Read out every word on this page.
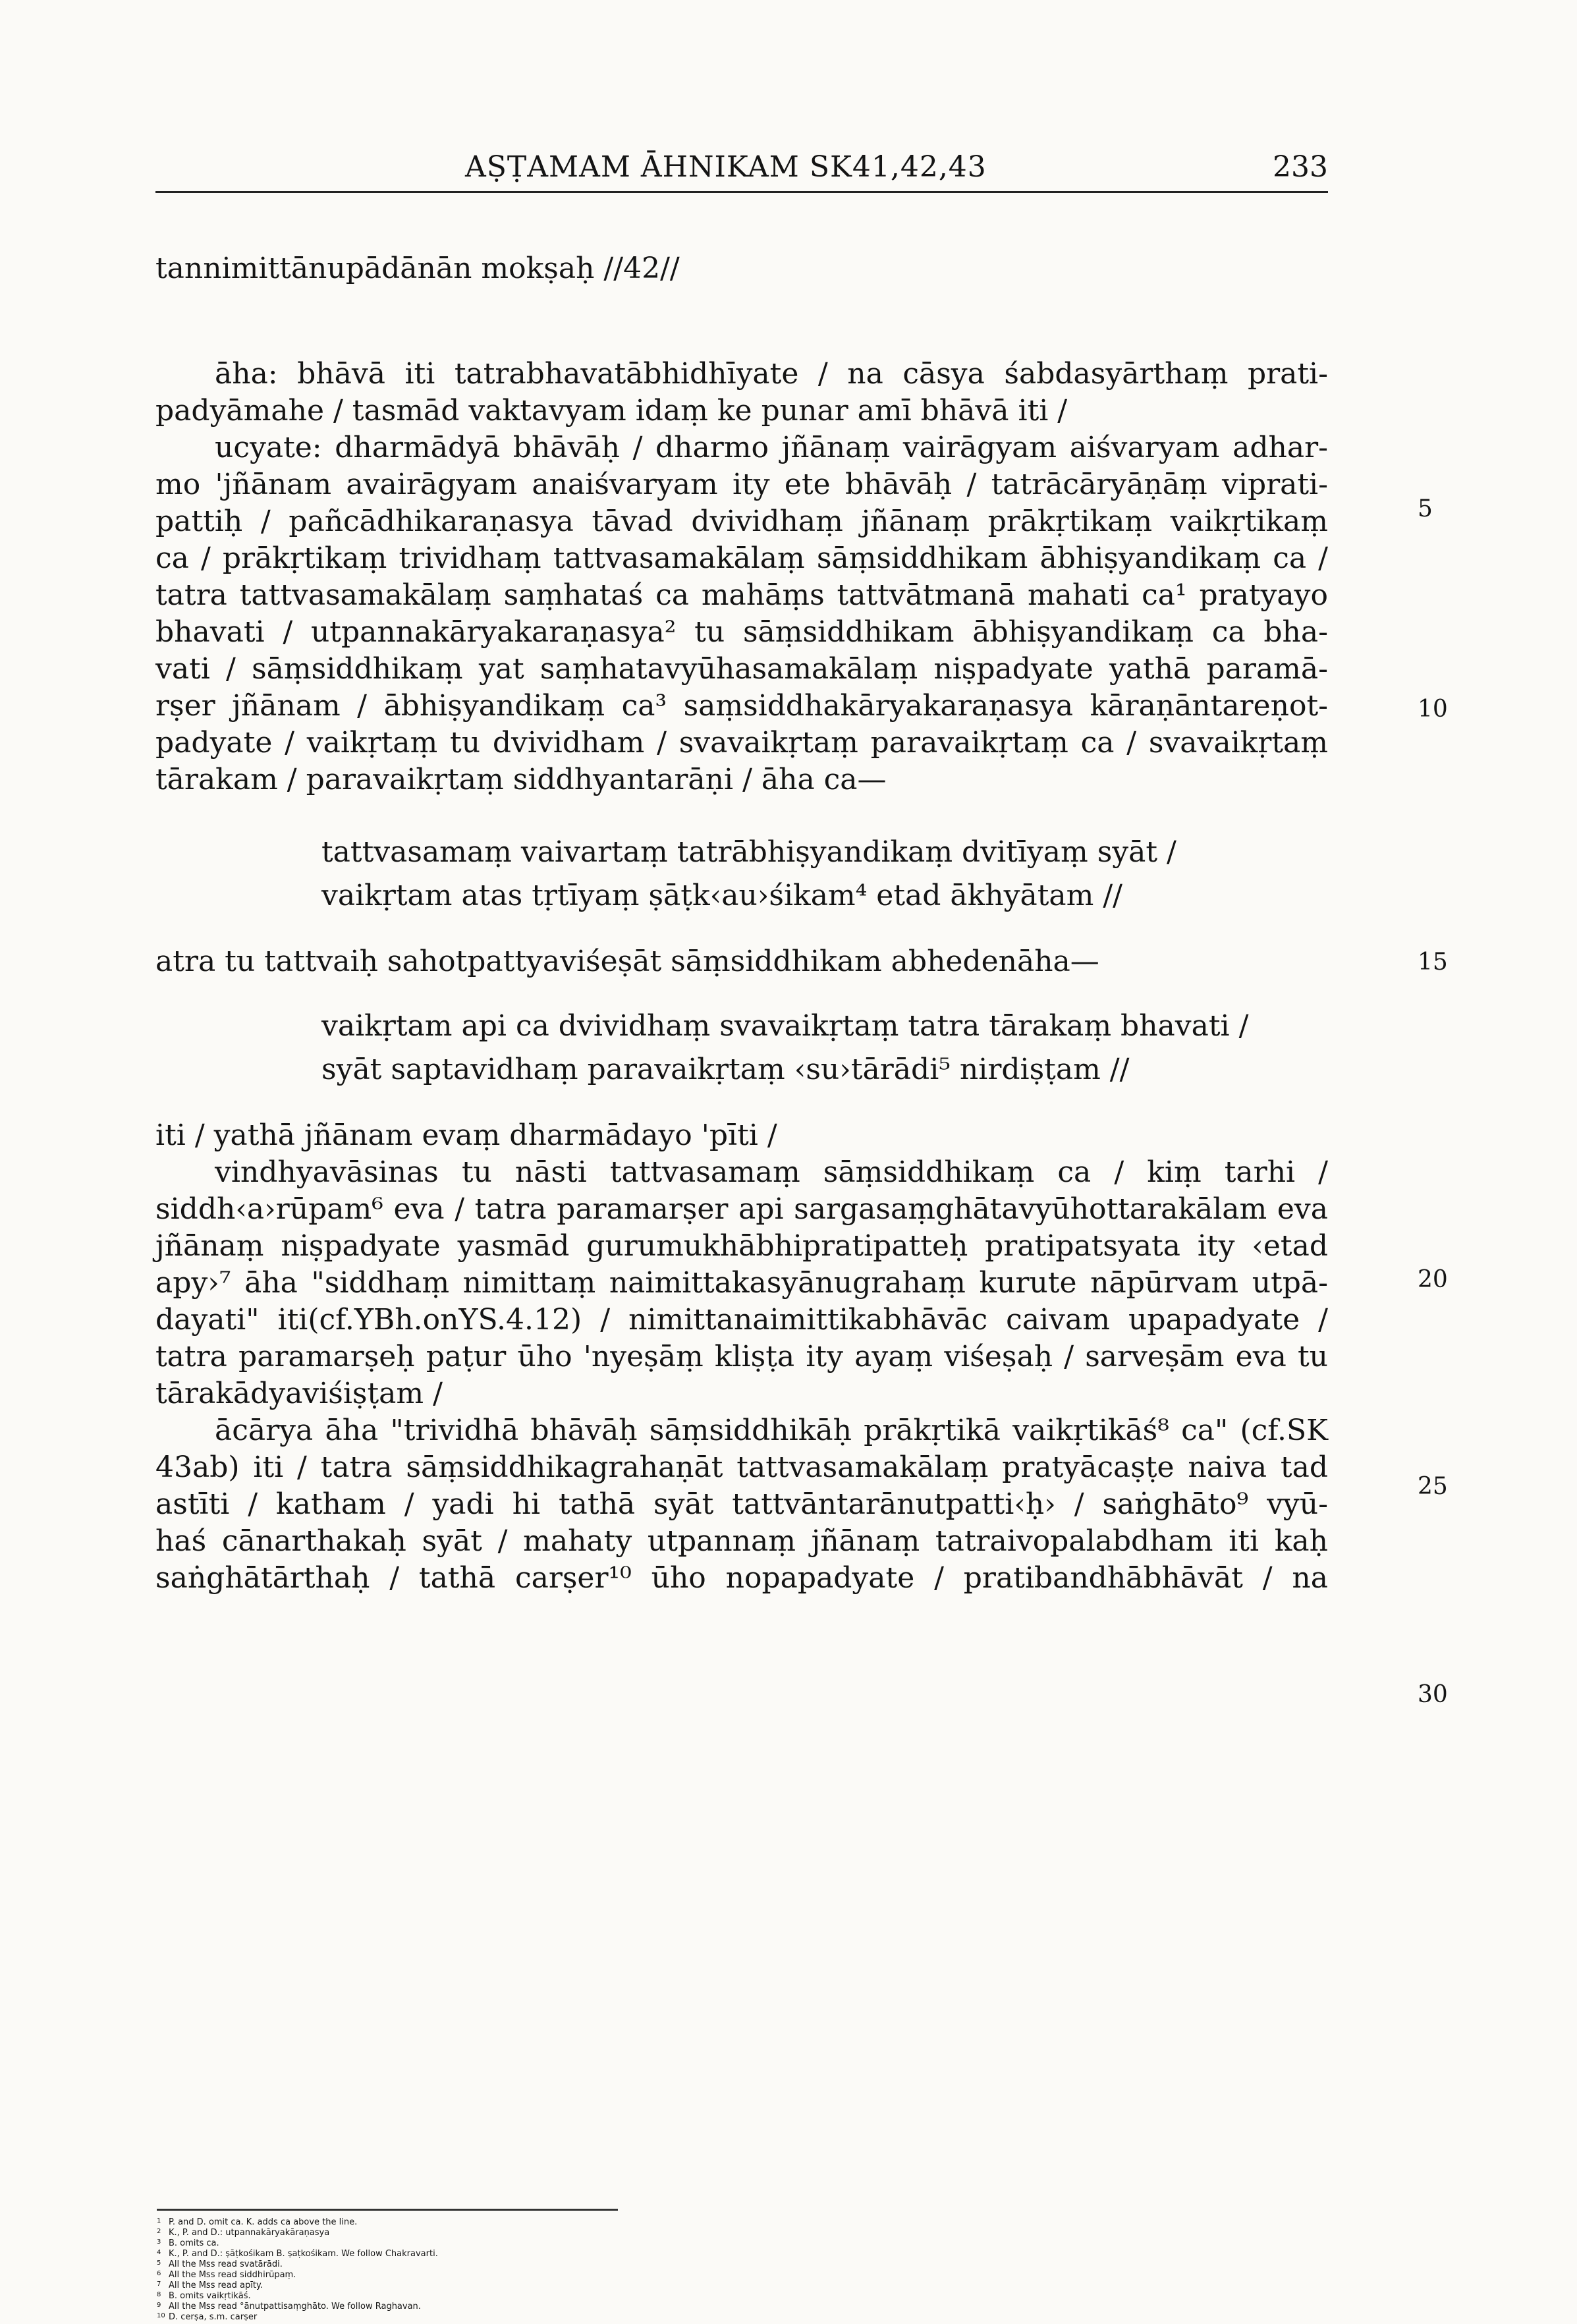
AṢṬAMAM ĀHNIKAM SK41,42,43	233
tannimittānupādānān mokṣaḥ //42//
āha: bhāvā iti tatrabhavatābhidhīyate / na cāsya śabdasyārthaṃ prati-
padyāmahe / tasmād vaktavyam idaṃ ke punar amī bhāvā iti /
ucyate: dharmādyā bhāvāḥ / dharmo jñānaṃ vairāgyam aiśvaryam adhar-
mo 'jñānam avairāgyam anaiśvaryam ity ete bhāvāḥ / tatrācāryāṇāṃ viprati-
pattiḥ / pañcādhikaraṇasya tāvad dvividhaṃ jñānaṃ prākṛtikaṃ vaikṛtikaṃ
ca / prākṛtikaṃ trividhaṃ tattvasamakālaṃ sāṃsiddhikam ābhiṣyandikaṃ ca /
tatra tattvasamakālaṃ saṃhataś ca mahāṃs tattvātmanā mahati ca¹ pratyayo
bhavati / utpannakāryakaraṇasya² tu sāṃsiddhikam ābhiṣyandikaṃ ca bha-
vati / sāṃsiddhikaṃ yat saṃhatavyūhasamakālaṃ niṣpadyate yathā paramā-
rṣer jñānam / ābhiṣyandikaṃ ca³ saṃsiddhakāryakaraṇasya kāraṇāntareṇot-
padyate / vaikṛtaṃ tu dvividham / svavaikṛtaṃ paravaikṛtaṃ ca / svavaikṛtaṃ
tārakam / paravaikṛtaṃ siddhyantarāṇi / āha ca—
tattvasamaṃ vaivartaṃ tatrābhiṣyandikaṃ dvitīyaṃ syāt /
vaikṛtam atas tṛtīyaṃ ṣāṭk‹au›śikam⁴ etad ākhyātam //
atra tu tattvaiḥ sahotpattyaviśeṣāt sāṃsiddhikam abhedenāha—
vaikṛtam api ca dvividhaṃ svavaikṛtaṃ tatra tārakaṃ bhavati /
syāt saptavidhaṃ paravaikṛtaṃ ‹su›tārādi⁵ nirdiṣṭam //
iti / yathā jñānam evaṃ dharmādayo 'pīti /
vindhyavāsinas tu nāsti tattvasamaṃ sāṃsiddhikaṃ ca / kiṃ tarhi /
siddh‹a›rūpam⁶ eva / tatra paramarṣer api sargasaṃghātavyūhottarakālam eva
jñānaṃ niṣpadyate yasmād gurumukhābhipratipatteḥ pratipatsyata ity ‹etad
apy›⁷ āha "siddhaṃ nimittaṃ naimittakasyānugrahaṃ kurute nāpūrvam utpā-
dayati" iti(cf.YBh.onYS.4.12) / nimittanaimittikabhāvāc caivam upapadyate /
tatra paramarṣeḥ paṭur ūho 'nyeṣāṃ kliṣṭa ity ayaṃ viśeṣaḥ / sarveṣām eva tu
tārakādyaviśiṣṭam /
ācārya āha "trividhā bhāvāḥ sāṃsiddhikāḥ prākṛtikā vaikṛtikāś⁸ ca" (cf.SK
43ab) iti / tatra sāṃsiddhikagrahaṇāt tattvasamakālaṃ pratyācaṣṭe naiva tad
astīti / katham / yadi hi tathā syāt tattvāntarānutpatti‹ḥ› / saṅghāto⁹ vyū-
haś cānarthakaḥ syāt / mahaty utpannaṃ jñānaṃ tatraivopalabdham iti kaḥ
saṅghātārthaḥ / tathā carṣer¹⁰ ūho nopapadyate / pratibandhābhāvāt / na
5
10
15
20
25
30
1 P. and D. omit ca. K. adds ca above the line.
2 K., P. and D.: utpannakāryakāraṇasya
3 B. omits ca.
4 K., P. and D.: ṣāṭkośikam B. ṣaṭkośikam. We follow Chakravarti.
5 All the Mss read svatārādi.
6 All the Mss read siddhirūpaṃ.
7 All the Mss read apīty.
8 B. omits vaikṛtikāś.
9 All the Mss read °ānutpattisaṃghāto. We follow Raghavan.
10 D. cerṣa, s.m. carṣer
